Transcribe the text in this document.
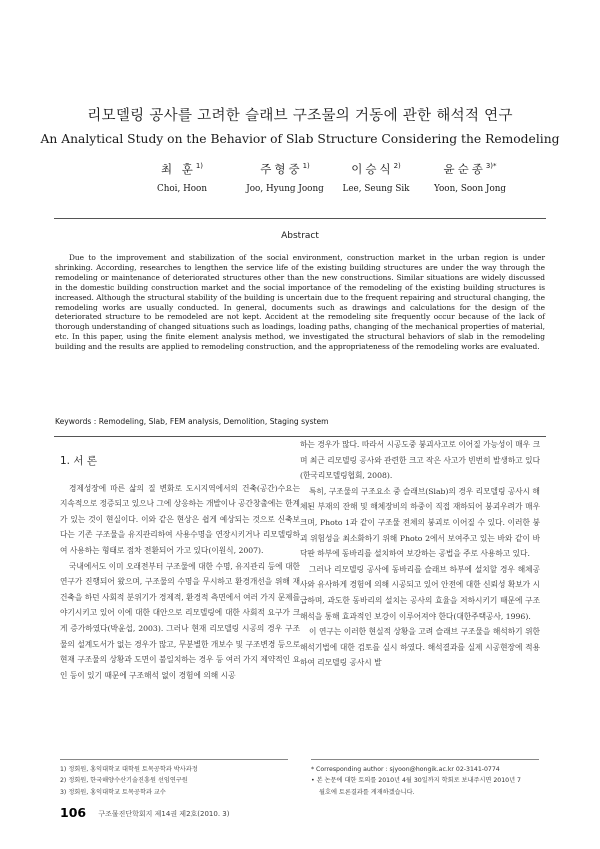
리모델링 공사를 고려한 슬래브 구조물의 거동에 관한 해석적 연구
An Analytical Study on the Behavior of Slab Structure Considering the Remodeling
최 훈$^{1)}$
Choi, Hoon
주형중$^{1)}$
Joo, Hyung Joong
이승식$^{2)}$
Lee, Seung Sik
윤순종$^{3)*}$
Yoon, Soon Jong
Abstract

Due to the improvement and stabilization of the social environment, construction market in the urban region is under shrinking. According, researches to lengthen the service life of the existing building structures are under the way through the remodeling or maintenance of deteriorated structures other than the new constructions. Similar situations are widely discussed in the domestic building construction market and the social importance of the remodeling of the existing building structures is increased. Although the structural stability of the building is uncertain due to the frequent repairing and structural changing, the remodeling works are usually conducted. In general, documents such as drawings and calculations for the design of the deteriorated structure to be remodeled are not kept. Accident at the remodeling site frequently occur because of the lack of thorough understanding of changed situations such as loadings, loading paths, changing of the mechanical properties of material, etc. In this paper, using the finite element analysis method, we investigated the structural behaviors of slab in the remodeling building and the results are applied to remodeling construction, and the appropriateness of the remodeling works are evaluated.

Keywords : Remodeling, Slab, FEM analysis, Demolition, Staging system

1. 서 론

경제성장에 따른 삶의 질 변화로 도시지역에서의 건축(공간)수요는 지속적으로 정증되고 있으나 그에 상응하는 개발이나 공간창출에는 한계가 있는 것이 현실이다. 이와 같은 현상은 쉽게 예상되는 것으로 신축보다는 기존 구조물을 유지관리하여 사용수명을 연장시키거나 리모델링하여 사용하는 형태로 점차 전환되어 가고 있다(이원식, 2007).

국내에서도 이미 오래전부터 구조물에 대한 수명, 유지관리 등에 대한 연구가 진행되어 왔으며, 구조물의 수명을 무시하고 환경개선을 위해 재건축을 하던 사회적 분위기가 경제적, 환경적 측면에서 여러 가지 문제를 야기시키고 있어 이에 대한 대안으로 리모델링에 대한 사회적 요구가 크게 증가하였다(박윤섭, 2003). 그러나 현재 리모델링 시공의 경우 구조물의 설계도서가 없는 경우가 많고, 무분별한 개보수 및 구조변경 등으로 현재 구조물의 상황과 도면이 불일치하는 경우 등 여러 가지 제약적인 요인 등이 있기 때문에 구조해석 없이 경험에 의해 시공

하는 경우가 많다. 따라서 시공도중 붕괴사고로 이어질 가능성이 매우 크며 최근 리모델링 공사와 관련한 크고 작은 사고가 빈번히 발생하고 있다(한국리모델링협회, 2008).

특히, 구조물의 구조요소 중 슬래브(Slab)의 경우 리모델링 공사시 해체된 부재의 잔해 및 해체장비의 하중이 직접 재하되어 붕괴우려가 매우 크며, Photo 1과 같이 구조물 전체의 붕괴로 이어질 수 있다. 이러한 붕괴 위험성을 최소화하기 위해 Photo 2에서 보여주고 있는 바와 같이 바닥판 하부에 동바리를 설치하여 보강하는 공법을 주로 사용하고 있다.

그러나 리모델링 공사에 동바리를 슬래브 하부에 설치할 경우 해체공사와 유사하게 경험에 의해 시공되고 있어 안전에 대한 신뢰성 확보가 시급하며, 과도한 동바리의 설치는 공사의 효율을 저하시키기 때문에 구조해석을 통해 효과적인 보강이 이루어져야 한다(대한주택공사, 1996).

이 연구는 이러한 현실적 상황을 고려 슬래브 구조물을 해석하기 위한 해석기법에 대한 검토를 실시 하였다. 해석결과를 실제 시공현장에 적용하여 리모델링 공사시 발

1) 정회원, 홍익대학교 대학원 토목공학과 박사과정
2) 정회원, 한국해양수산기술진흥원 선임연구원
3) 정회원, 홍익대학교 토목공학과 교수
* Corresponding author : sjyoon@hongik.ac.kr 02-3141-0774
• 본 논문에 대한 토의를 2010년 4월 30일까지 학회로 보내주시면 2010년 7
월호에 토론결과를 게재하겠습니다.
106 구조물진단학회지 제14권 제2호(2010. 3)
